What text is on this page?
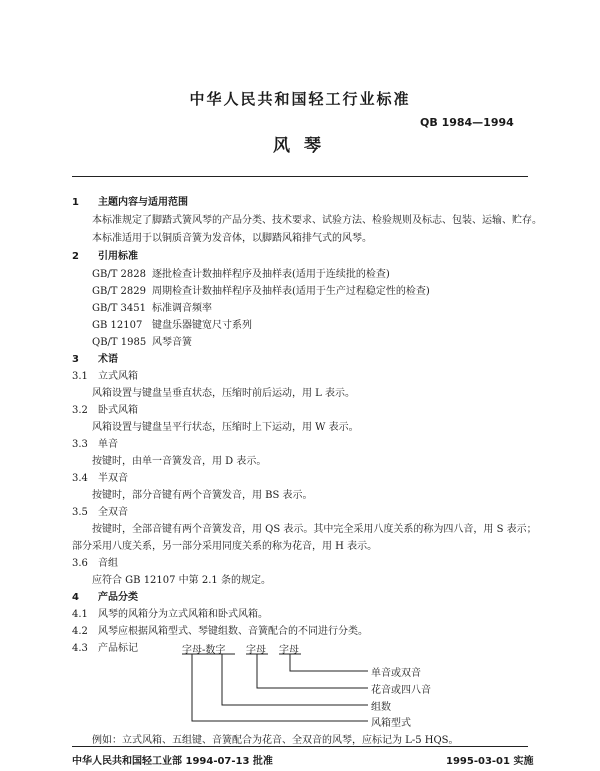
中华人民共和国轻工行业标准
QB 1984—1994
风琴
1 主题内容与适用范围
本标准规定了脚踏式簧风琴的产品分类、技术要求、试验方法、检验规则及标志、包装、运输、贮存。
本标准适用于以铜质音簧为发音体，以脚踏风箱排气式的风琴。
2 引用标准
GB/T 2828 逐批检查计数抽样程序及抽样表(适用于连续批的检查)
GB/T 2829 周期检查计数抽样程序及抽样表(适用于生产过程稳定性的检查)
GB/T 3451 标准调音频率
GB 12107 键盘乐器键宽尺寸系列
QB/T 1985 风琴音簧
3 术语
3.1 立式风箱
风箱设置与键盘呈垂直状态，压缩时前后运动，用 L 表示。
3.2 卧式风箱
风箱设置与键盘呈平行状态，压缩时上下运动，用 W 表示。
3.3 单音
按键时，由单一音簧发音，用 D 表示。
3.4 半双音
按键时，部分音键有两个音簧发音，用 BS 表示。
3.5 全双音
按键时，全部音键有两个音簧发音，用 QS 表示。其中完全采用八度关系的称为四八音，用 S 表示；
部分采用八度关系，另一部分采用同度关系的称为花音，用 H 表示。
3.6 音组
应符合 GB 12107 中第 2.1 条的规定。
4 产品分类
4.1 风琴的风箱分为立式风箱和卧式风箱。
4.2 风琴应根据风箱型式、琴键组数、音簧配合的不同进行分类。
4.3 产品标记	字母-数字 字母 字母
单音或双音
花音或四八音
组数
风箱型式
例如：立式风箱、五组键、音簧配合为花音、全双音的风琴，应标记为 L-5 HQS。
中华人民共和国轻工业部 1994-07-13 批准	1995-03-01 实施
